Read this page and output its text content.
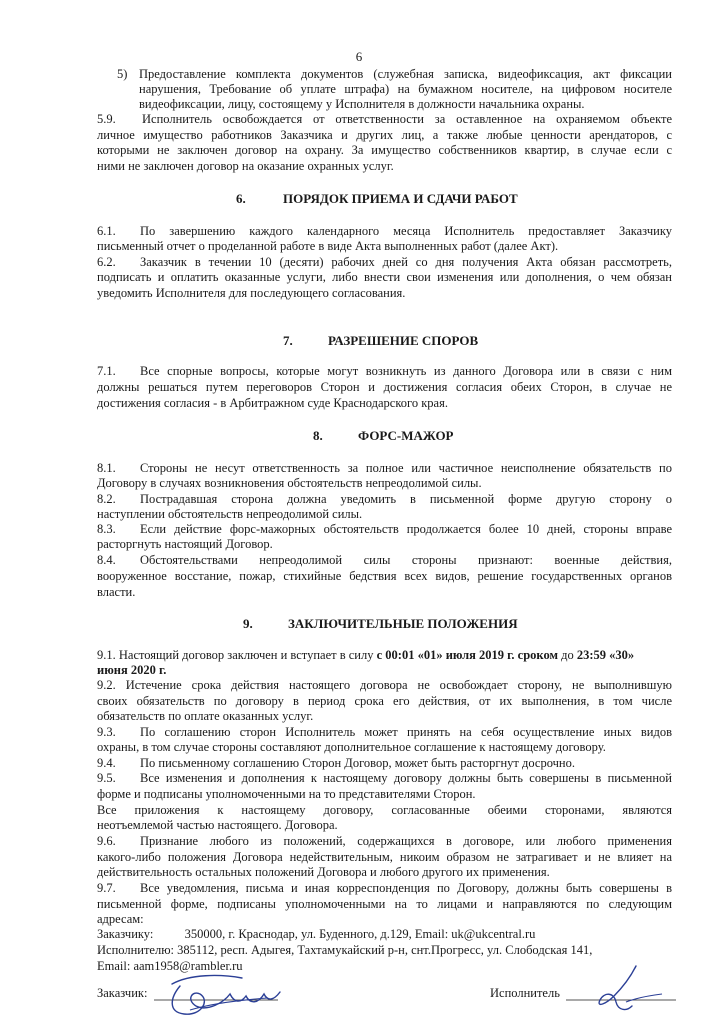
6
5) Предоставление комплекта документов (служебная записка, видеофиксация, акт фиксации
нарушения, Требование об уплате штрафа) на бумажном носителе, на цифровом носителе
видеофиксации, лицу, состоящему у Исполнителя в должности начальника охраны.
5.9. Исполнитель освобождается от ответственности за оставленное на охраняемом объекте
личное имущество работников Заказчика и других лиц, а также любые ценности арендаторов, с
которыми не заключен договор на охрану. За имущество собственников квартир, в случае если с
ними не заключен договор на оказание охранных услуг.
6.	ПОРЯДОК ПРИЕМА И СДАЧИ РАБОТ
6.1. По завершению каждого календарного месяца Исполнитель предоставляет Заказчику
письменный отчет о проделанной работе в виде Акта выполненных работ (далее Акт).
6.2. Заказчик в течении 10 (десяти) рабочих дней со дня получения Акта обязан рассмотреть,
подписать и оплатить оказанные услуги, либо внести свои изменения или дополнения, о чем обязан
уведомить Исполнителя для последующего согласования.
7.	РАЗРЕШЕНИЕ СПОРОВ
7.1. Все спорные вопросы, которые могут возникнуть из данного Договора или в связи с ним
должны решаться путем переговоров Сторон и достижения согласия обеих Сторон, в случае не
достижения согласия - в Арбитражном суде Краснодарского края.
8.	ФОРС-МАЖОР
8.1. Стороны не несут ответственность за полное или частичное неисполнение обязательств по
Договору в случаях возникновения обстоятельств непреодолимой силы.
8.2. Пострадавшая сторона должна уведомить в письменной форме другую сторону о
наступлении обстоятельств непреодолимой силы.
8.3. Если действие форс-мажорных обстоятельств продолжается более 10 дней, стороны вправе
расторгнуть настоящий Договор.
8.4. Обстоятельствами непреодолимой силы стороны признают: военные действия,
вооруженное восстание, пожар, стихийные бедствия всех видов, решение государственных органов
власти.
9.	ЗАКЛЮЧИТЕЛЬНЫЕ ПОЛОЖЕНИЯ
9.1. Настоящий договор заключен и вступает в силу с 00:01 «01» июля 2019 г. сроком до 23:59 «30»
июня 2020 г.
9.2. Истечение срока действия настоящего договора не освобождает сторону, не выполнившую
своих обязательств по договору в период срока его действия, от их выполнения, в том числе
обязательств по оплате оказанных услуг.
9.3. По соглашению сторон Исполнитель может принять на себя осуществление иных видов
охраны, в том случае стороны составляют дополнительное соглашение к настоящему договору.
9.4. По письменному соглашению Сторон Договор, может быть расторгнут досрочно.
9.5. Все изменения и дополнения к настоящему договору должны быть совершены в письменной
форме и подписаны уполномоченными на то представителями Сторон.
Все приложения к настоящему договору, согласованные обеими сторонами, являются
неотъемлемой частью настоящего. Договора.
9.6. Признание любого из положений, содержащихся в договоре, или любого применения
какого-либо положения Договора недействительным, никоим образом не затрагивает и не влияет на
действительность остальных положений Договора и любого другого их применения.
9.7. Все уведомления, письма и иная корреспонденция по Договору, должны быть совершены в
письменной форме, подписаны уполномоченными на то лицами и направляются по следующим
адресам:
Заказчику:          350000, г. Краснодар, ул. Буденного, д.129, Email: uk@ukcentral.ru
Исполнителю: 385112, респ. Адыгея, Тахтамукайский р-н, снт.Прогресс, ул. Слободская 141,
Email: aam1958@rambler.ru
Заказчик:	Исполнитель
